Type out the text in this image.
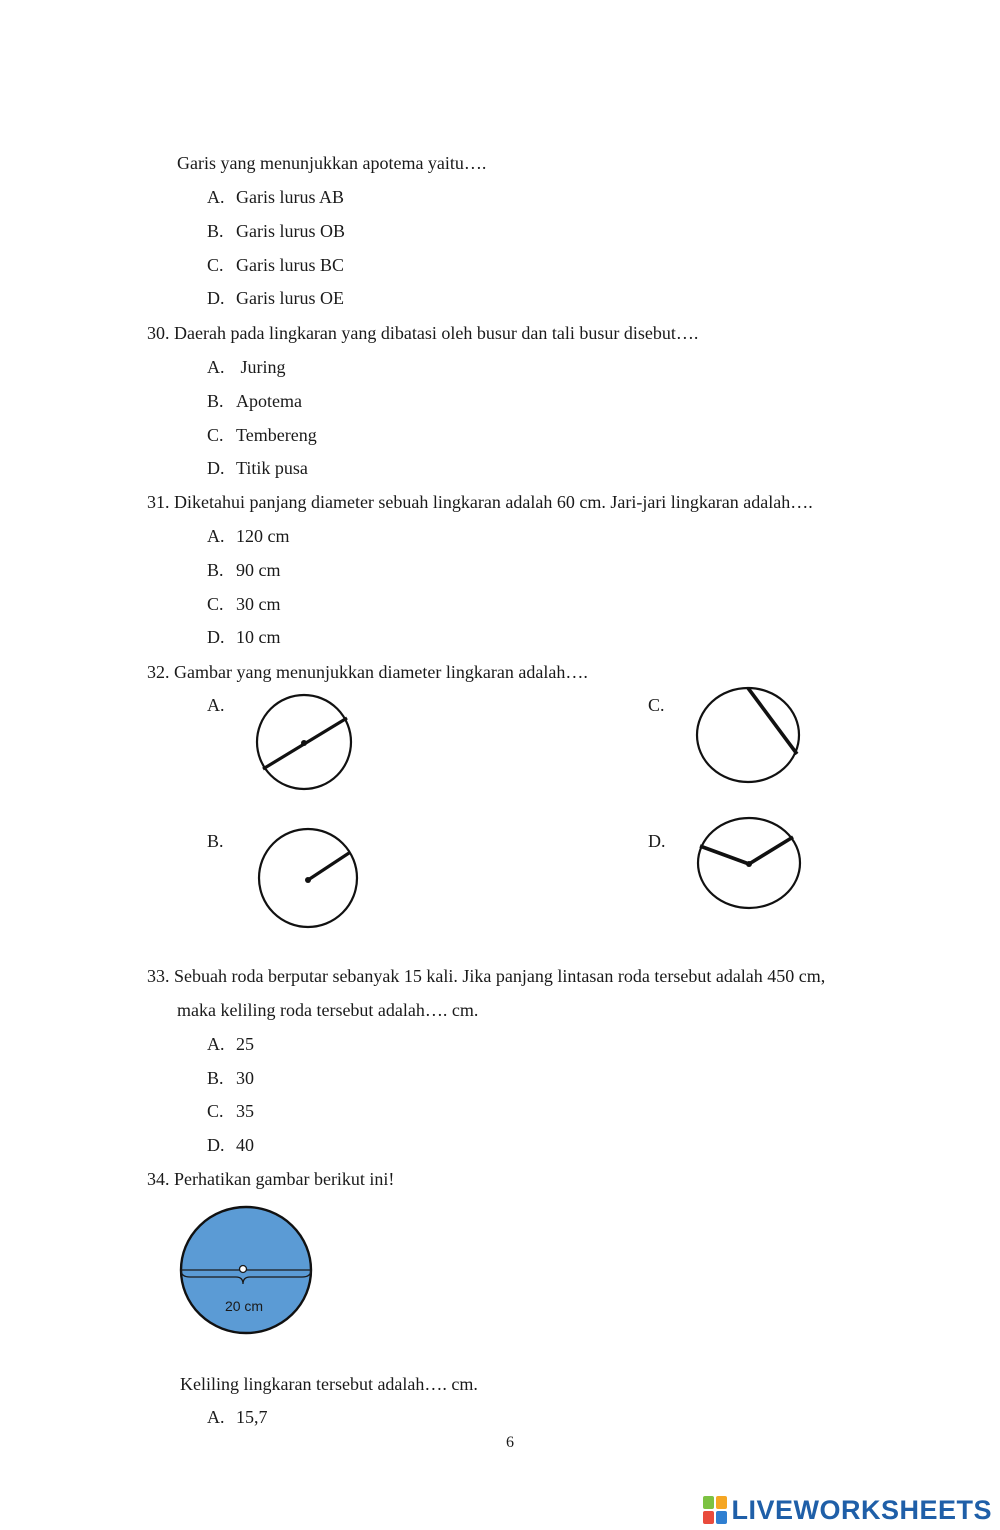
Garis yang menunjukkan apotema yaitu….
A. Garis lurus AB
B. Garis lurus OB
C. Garis lurus BC
D. Garis lurus OE
30. Daerah pada lingkaran yang dibatasi oleh busur dan tali busur disebut….
A. Juring
B. Apotema
C. Tembereng
D. Titik pusa
31. Diketahui panjang diameter sebuah lingkaran adalah 60 cm. Jari-jari lingkaran adalah….
A. 120 cm
B. 90 cm
C. 30 cm
D. 10 cm
32. Gambar yang menunjukkan diameter lingkaran adalah….
A.
B.
C.
D.
33. Sebuah roda berputar sebanyak 15 kali. Jika panjang lintasan roda tersebut adalah 450 cm,
maka keliling roda tersebut adalah…. cm.
A. 25
B. 30
C. 35
D. 40
34. Perhatikan gambar berikut ini!
20 cm
Keliling lingkaran tersebut adalah…. cm.
A. 15,7
6
LIVEWORKSHEETS
